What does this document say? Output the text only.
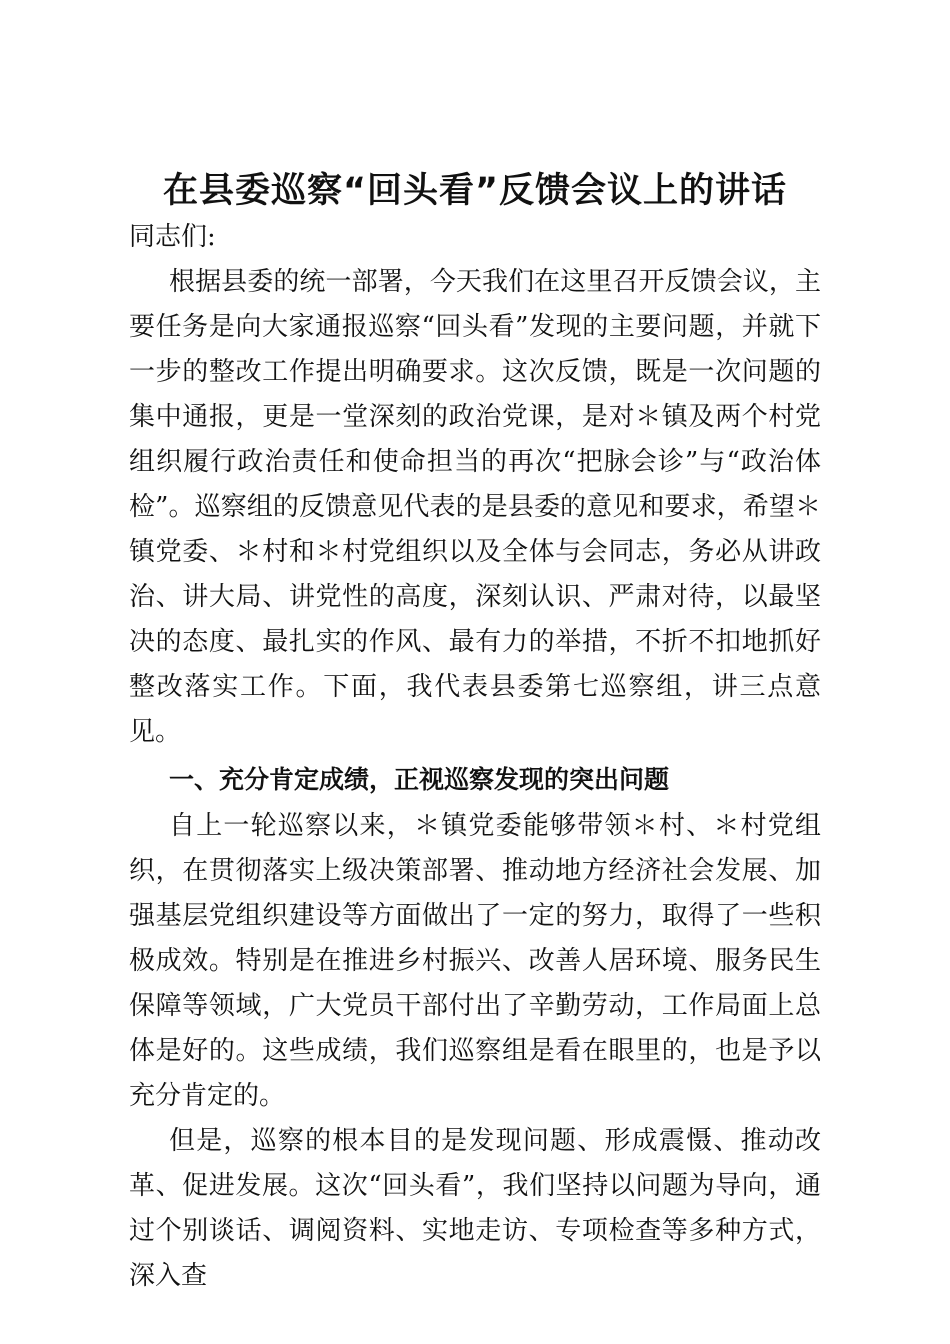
在县委巡察“回头看”反馈会议上的讲话

同志们:

根据县委的统一部署，今天我们在这里召开反馈会议，主要任务是向大家通报巡察“回头看”发现的主要问题，并就下一步的整改工作提出明确要求。这次反馈，既是一次问题的集中通报，更是一堂深刻的政治党课，是对＊镇及两个村党组织履行政治责任和使命担当的再次“把脉会诊”与“政治体检”。巡察组的反馈意见代表的是县委的意见和要求，希望＊镇党委、＊村和＊村党组织以及全体与会同志，务必从讲政治、讲大局、讲党性的高度，深刻认识、严肃对待，以最坚决的态度、最扎实的作风、最有力的举措，不折不扣地抓好整改落实工作。下面，我代表县委第七巡察组，讲三点意见。

一、充分肯定成绩，正视巡察发现的突出问题

自上一轮巡察以来，＊镇党委能够带领＊村、＊村党组织，在贯彻落实上级决策部署、推动地方经济社会发展、加强基层党组织建设等方面做出了一定的努力，取得了一些积极成效。特别是在推进乡村振兴、改善人居环境、服务民生保障等领域，广大党员干部付出了辛勤劳动，工作局面上总体是好的。这些成绩，我们巡察组是看在眼里的，也是予以充分肯定的。

但是，巡察的根本目的是发现问题、形成震慑、推动改革、促进发展。这次“回头看”，我们坚持以问题为导向，通过个别谈话、调阅资料、实地走访、专项检查等多种方式，深入查
